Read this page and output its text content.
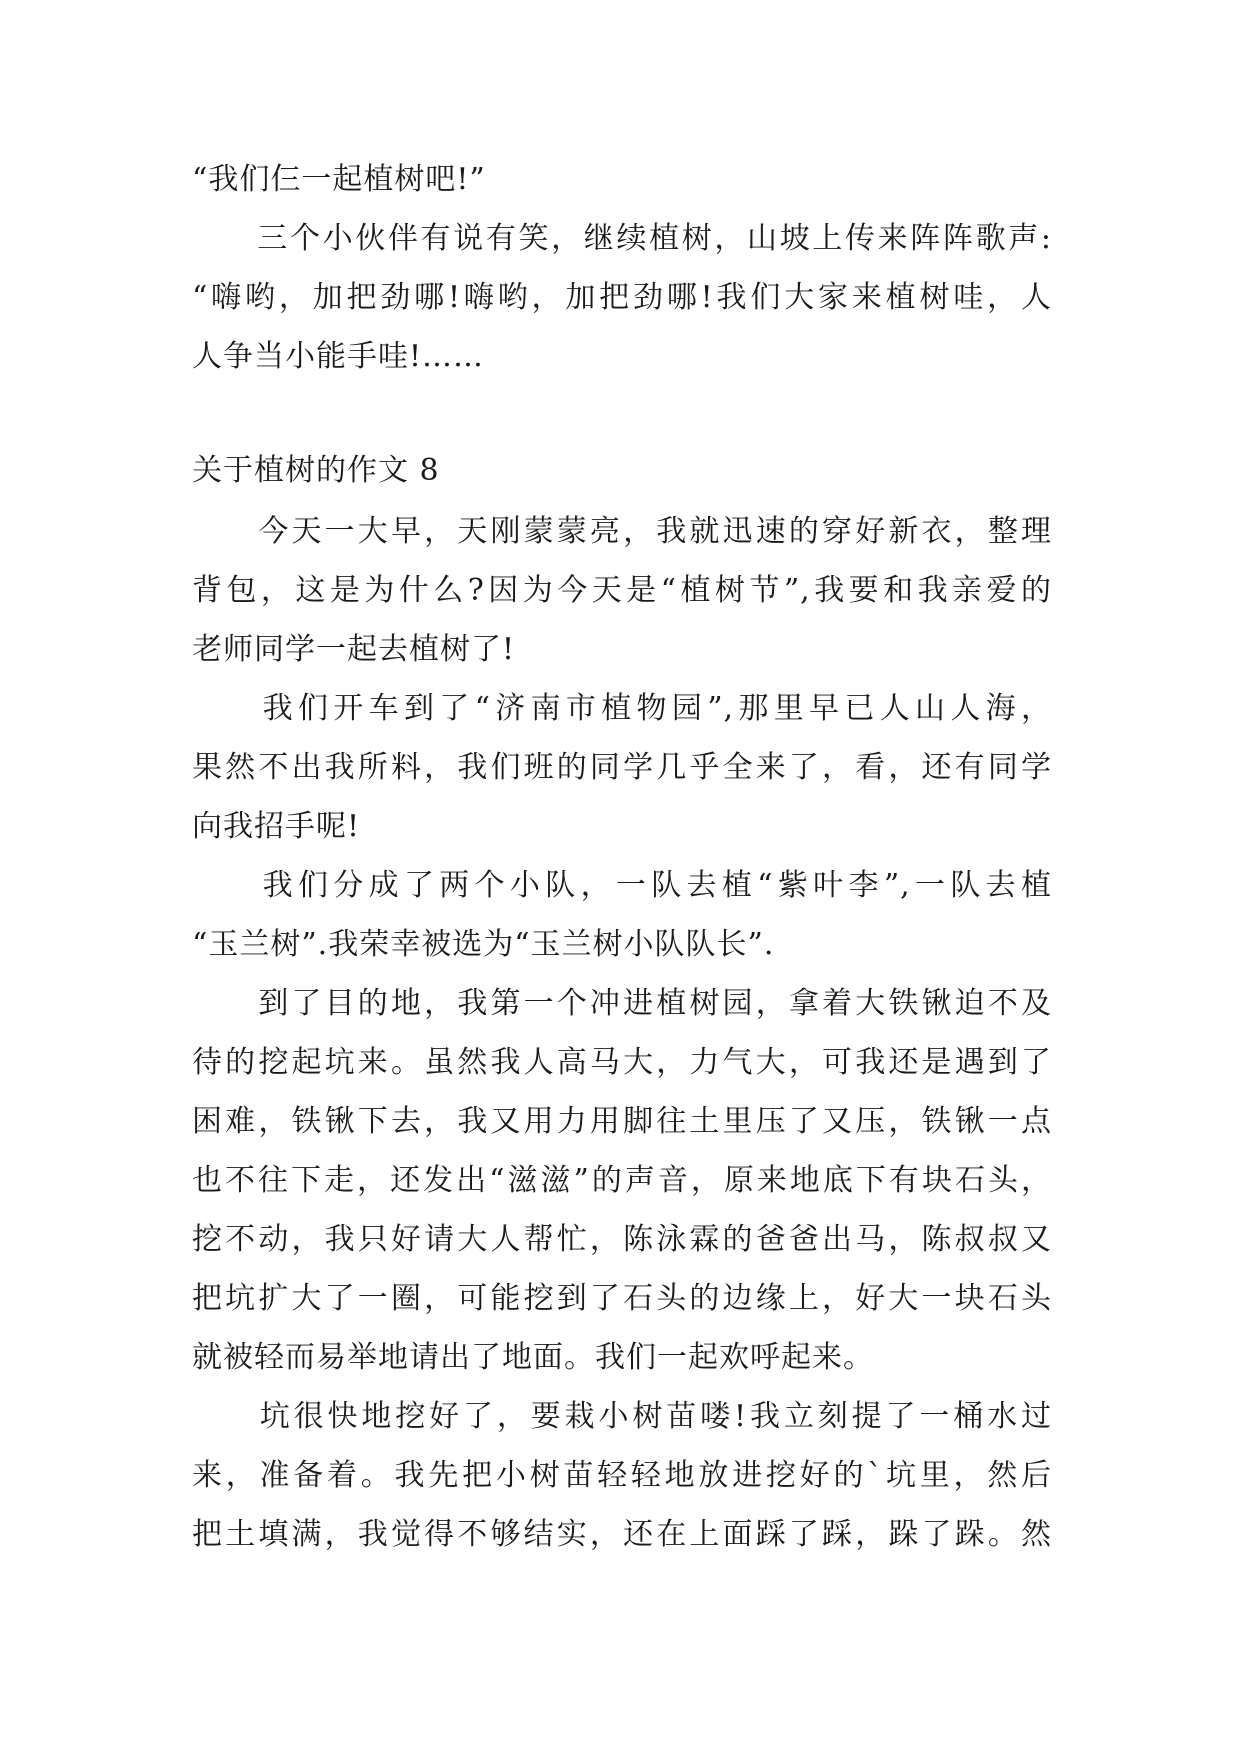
“我们仨一起植树吧!”
　　三个小伙伴有说有笑，继续植树，山坡上传来阵阵歌声:
“嗨哟，加把劲哪!嗨哟，加把劲哪!我们大家来植树哇，人
人争当小能手哇!……
关于植树的作文 8
　　今天一大早，天刚蒙蒙亮，我就迅速的穿好新衣，整理
背包，这是为什么?因为今天是“植树节”,我要和我亲爱的
老师同学一起去植树了!
　　我们开车到了“济南市植物园”,那里早已人山人海，
果然不出我所料，我们班的同学几乎全来了，看，还有同学
向我招手呢!
　　我们分成了两个小队，一队去植“紫叶李”,一队去植
“玉兰树”.我荣幸被选为“玉兰树小队队长”.
　　到了目的地，我第一个冲进植树园，拿着大铁锹迫不及
待的挖起坑来。虽然我人高马大，力气大，可我还是遇到了
困难，铁锹下去，我又用力用脚往土里压了又压，铁锹一点
也不往下走，还发出“滋滋”的声音，原来地底下有块石头，
挖不动，我只好请大人帮忙，陈泳霖的爸爸出马，陈叔叔又
把坑扩大了一圈，可能挖到了石头的边缘上，好大一块石头
就被轻而易举地请出了地面。我们一起欢呼起来。
　　坑很快地挖好了，要栽小树苗喽!我立刻提了一桶水过
来，准备着。我先把小树苗轻轻地放进挖好的`坑里，然后
把土填满，我觉得不够结实，还在上面踩了踩，跺了跺。然
